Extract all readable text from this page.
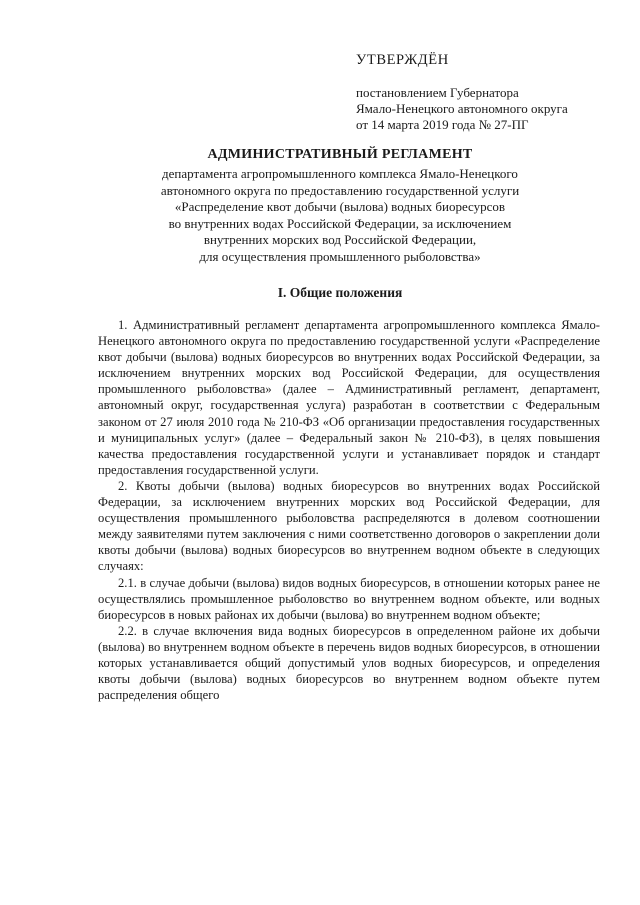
УТВЕРЖДЁН
постановлением Губернатора
Ямало-Ненецкого автономного округа
от 14 марта 2019 года № 27-ПГ
АДМИНИСТРАТИВНЫЙ РЕГЛАМЕНТ
департамента агропромышленного комплекса Ямало-Ненецкого
автономного округа по предоставлению государственной услуги
«Распределение квот добычи (вылова) водных биоресурсов
во внутренних водах Российской Федерации, за исключением
внутренних морских вод Российской Федерации,
для осуществления промышленного рыболовства»
I. Общие положения

1. Административный регламент департамента агропромышленного комплекса Ямало-Ненецкого автономного округа по предоставлению государственной услуги «Распределение квот добычи (вылова) водных биоресурсов во внутренних водах Российской Федерации, за исключением внутренних морских вод Российской Федерации, для осуществления промышленного рыболовства» (далее – Административный регламент, департамент, автономный округ, государственная услуга) разработан в соответствии с Федеральным законом от 27 июля 2010 года № 210-ФЗ «Об организации предоставления государственных и муниципальных услуг» (далее – Федеральный закон № 210-ФЗ), в целях повышения качества предоставления государственной услуги и устанавливает порядок и стандарт предоставления государственной услуги.

2. Квоты добычи (вылова) водных биоресурсов во внутренних водах Российской Федерации, за исключением внутренних морских вод Российской Федерации, для осуществления промышленного рыболовства распределяются в долевом соотношении между заявителями путем заключения с ними соответственно договоров о закреплении доли квоты добычи (вылова) водных биоресурсов во внутреннем водном объекте в следующих случаях:

2.1. в случае добычи (вылова) видов водных биоресурсов, в отношении которых ранее не осуществлялись промышленное рыболовство во внутреннем водном объекте, или водных биоресурсов в новых районах их добычи (вылова) во внутреннем водном объекте;

2.2. в случае включения вида водных биоресурсов в определенном районе их добычи (вылова) во внутреннем водном объекте в перечень видов водных биоресурсов, в отношении которых устанавливается общий допустимый улов водных биоресурсов, и определения квоты добычи (вылова) водных биоресурсов во внутреннем водном объекте путем распределения общего
